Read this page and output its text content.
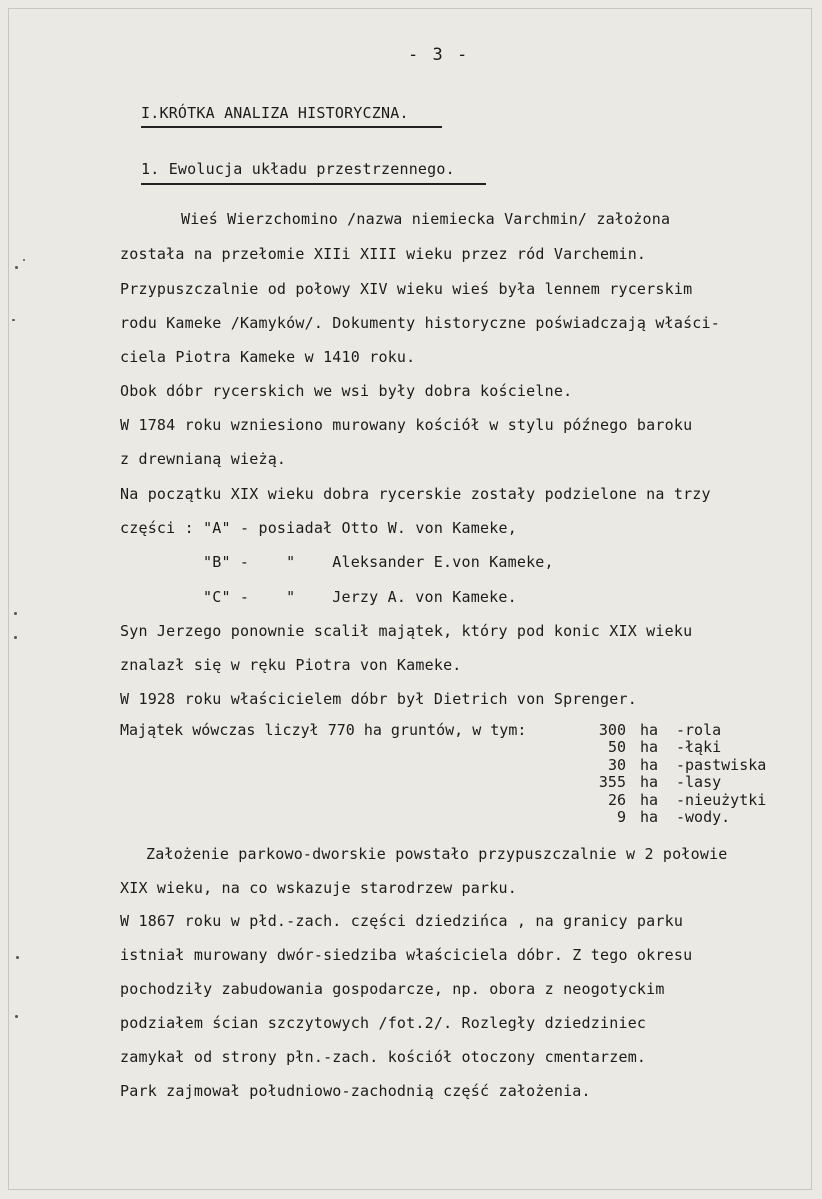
- 3 -
I.KRÓTKA ANALIZA HISTORYCZNA.
1. Ewolucja układu przestrzennego.
Wieś Wierzchomino /nazwa niemiecka Varchmin/ założona
została na przełomie XIIi XIII wieku przez ród Varchemin.
Przypuszczalnie od połowy XIV wieku wieś była lennem rycerskim
rodu Kameke /Kamyków/. Dokumenty historyczne poświadczają właści-
ciela Piotra Kameke w 1410 roku.
Obok dóbr rycerskich we wsi były dobra kościelne.
W 1784 roku wzniesiono murowany kościół w stylu późnego baroku
z drewnianą wieżą.
Na początku XIX wieku dobra rycerskie zostały podzielone na trzy
części : "A" - posiadał Otto W. von Kameke,
"B" -    "    Aleksander E.von Kameke,
"C" -    "    Jerzy A. von Kameke.
Syn Jerzego ponownie scalił majątek, który pod konic XIX wieku
znalazł się w ręku Piotra von Kameke.
W 1928 roku właścicielem dóbr był Dietrich von Sprenger.
Majątek wówczas liczył 770 ha gruntów, w tym:	300 ha -rola
50 ha -łąki
30 ha -pastwiska
355 ha -lasy
26 ha -nieużytki
9 ha -wody.
Założenie parkowo-dworskie powstało przypuszczalnie w 2 połowie
XIX wieku, na co wskazuje starodrzew parku.
W 1867 roku w płd.-zach. części dziedzińca , na granicy parku
istniał murowany dwór-siedziba właściciela dóbr. Z tego okresu
pochodziły zabudowania gospodarcze, np. obora z neogotyckim
podziałem ścian szczytowych /fot.2/. Rozległy dziedziniec
zamykał od strony płn.-zach. kościół otoczony cmentarzem.
Park zajmował południowo-zachodnią część założenia.
